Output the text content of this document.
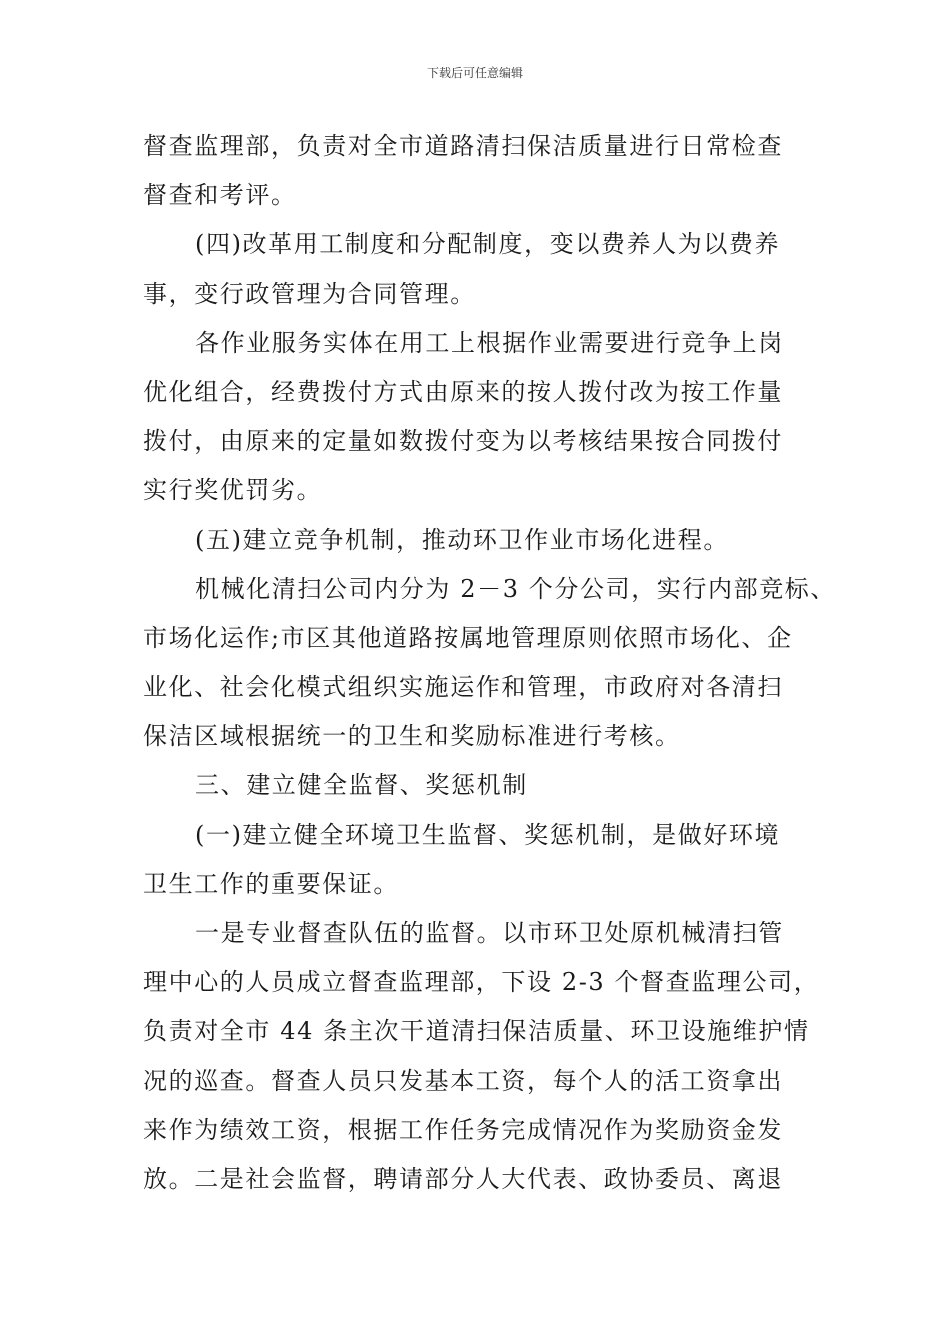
下载后可任意编辑
督查监理部，负责对全市道路清扫保洁质量进行日常检查
督查和考评。
(四)改革用工制度和分配制度，变以费养人为以费养
事，变行政管理为合同管理。
各作业服务实体在用工上根据作业需要进行竞争上岗
优化组合，经费拨付方式由原来的按人拨付改为按工作量
拨付，由原来的定量如数拨付变为以考核结果按合同拨付
实行奖优罚劣。
(五)建立竞争机制，推动环卫作业市场化进程。
机械化清扫公司内分为 2－3 个分公司，实行内部竞标、
市场化运作;市区其他道路按属地管理原则依照市场化、企
业化、社会化模式组织实施运作和管理，市政府对各清扫
保洁区域根据统一的卫生和奖励标准进行考核。
三、建立健全监督、奖惩机制
(一)建立健全环境卫生监督、奖惩机制，是做好环境
卫生工作的重要保证。
一是专业督查队伍的监督。以市环卫处原机械清扫管
理中心的人员成立督查监理部，下设 2-3 个督查监理公司，
负责对全市 44 条主次干道清扫保洁质量、环卫设施维护情
况的巡查。督查人员只发基本工资，每个人的活工资拿出
来作为绩效工资，根据工作任务完成情况作为奖励资金发
放。二是社会监督，聘请部分人大代表、政协委员、离退
